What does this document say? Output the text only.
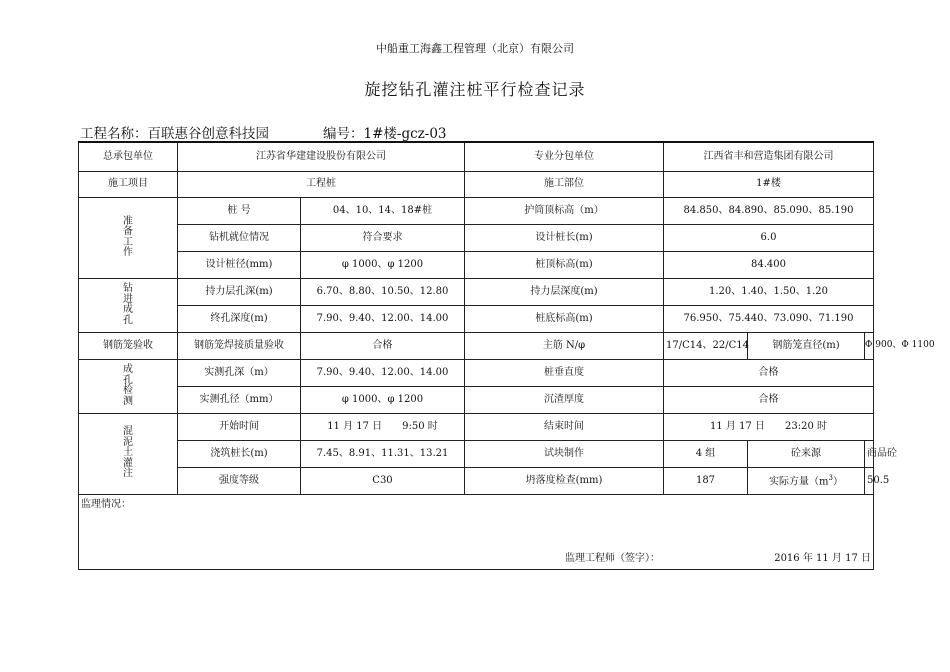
中船重工海鑫工程管理（北京）有限公司
旋挖钻孔灌注桩平行检查记录
工程名称：百联惠谷创意科技园	编号：1#楼-gcz-03
总承包单位	江苏省华建建设股份有限公司		专业分包单位	江西省丰和营造集团有限公司		
施工项目	工程桩		施工部位	1#楼		
准备工作	桩 号	04、10、14、18#桩	护筒顶标高（m）	84.850、84.890、85.090、85.190		
	钻机就位情况	符合要求	设计桩长(m)	6.0		
	设计桩径(mm)	φ 1000、φ 1200	桩顶标高(m)	84.400		
钻进成孔	持力层孔深(m)	6.70、8.80、10.50、12.80	持力层深度(m)	1.20、1.40、1.50、1.20		
	终孔深度(m)	7.90、9.40、12.00、14.00	桩底标高(m)	76.950、75.440、73.090、71.190		
钢筋笼验收	钢筋笼焊接质量验收	合格	主筋 N/φ	17/C14、22/C14	钢筋笼直径(m)	Φ 900、Φ 1100
成孔检测	实测孔深（m）	7.90、9.40、12.00、14.00	桩垂直度	合格		
	实测孔径（mm）	φ 1000、φ 1200	沉渣厚度	合格		
混泥土灌注	开始时间	11 月 17 日　　9:50 时	结束时间	11 月 17 日　　23:20 时		
	浇筑桩长(m)	7.45、8.91、11.31、13.21	试块制作	4 组	砼来源	商品砼
	强度等级	C30	坍落度检查(mm)	187	实际方量$(m^3)$	50.5

监理情况：
监理工程师（签字）： 2016 年 11 月 17 日						
